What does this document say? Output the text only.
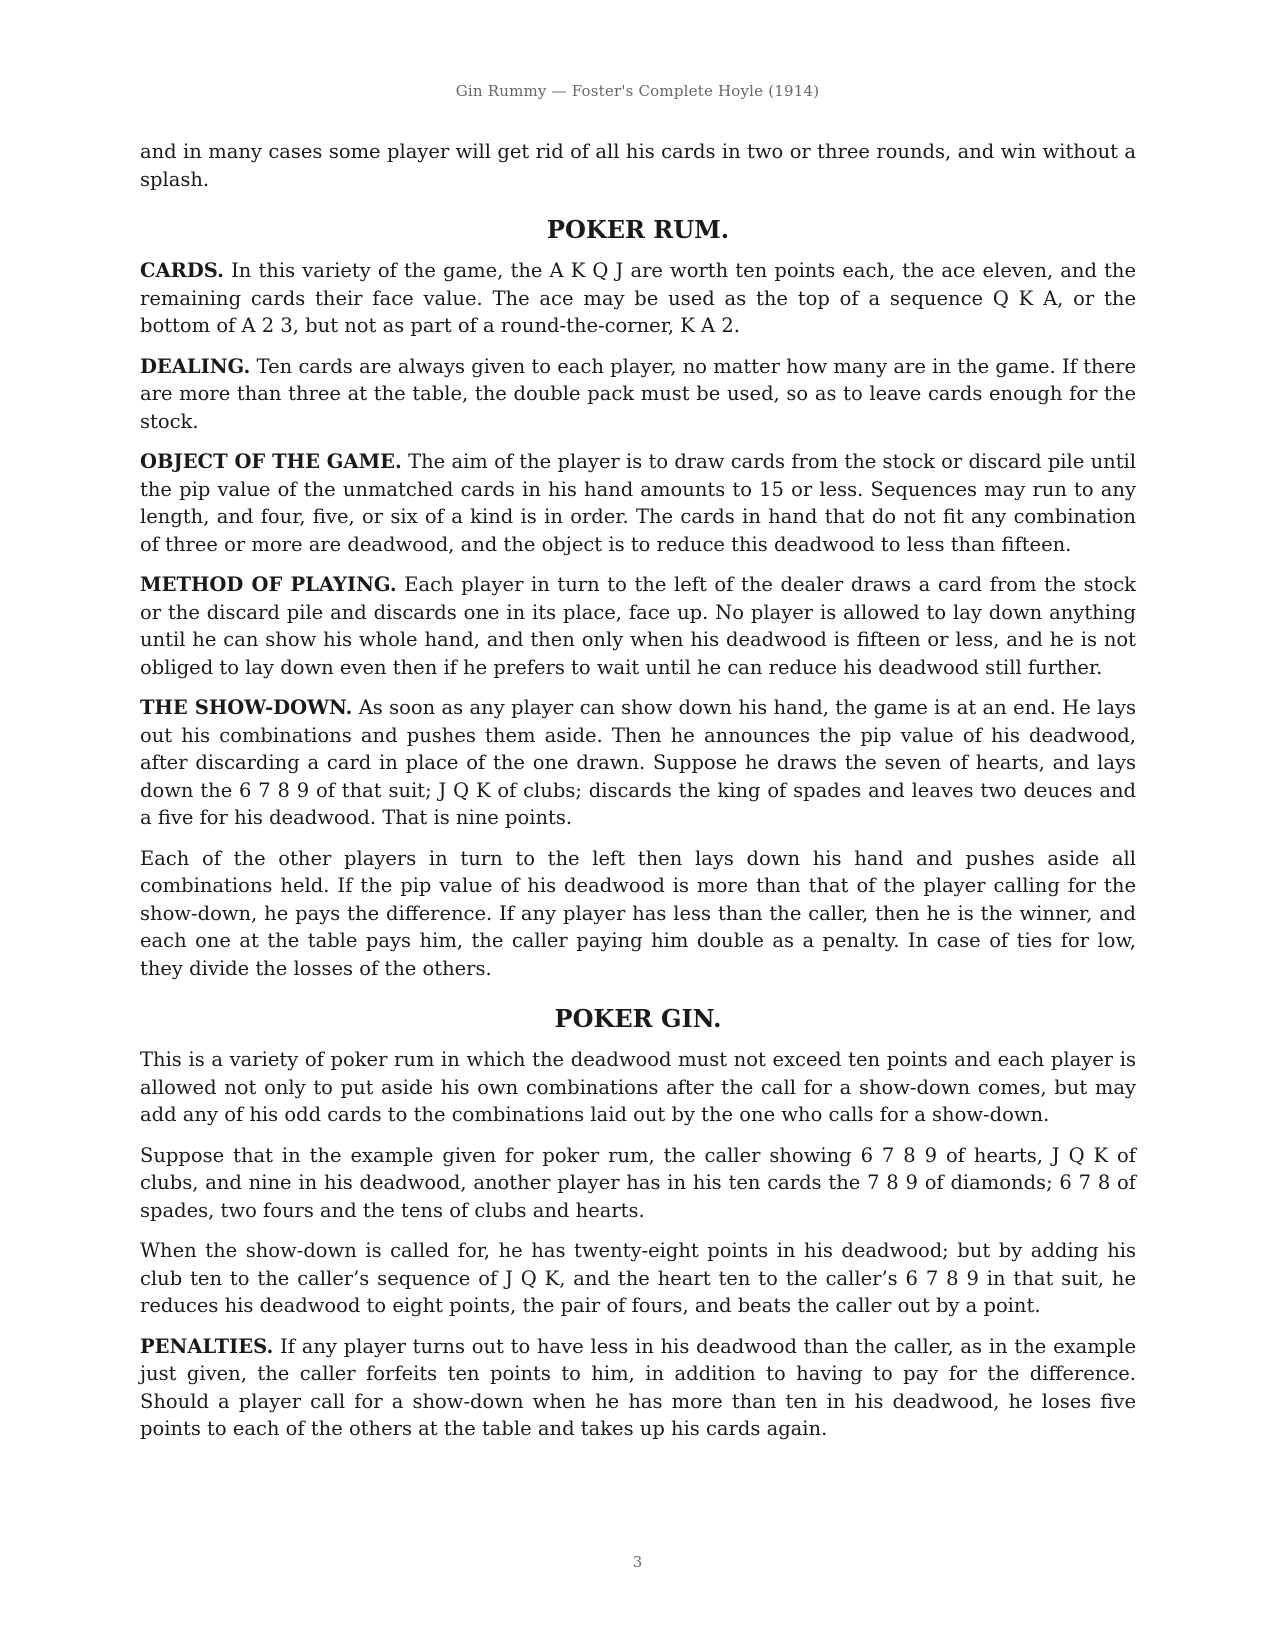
Gin Rummy — Foster's Complete Hoyle (1914)

and in many cases some player will get rid of all his cards in two or three rounds, and win without a splash.

POKER RUM.

CARDS. In this variety of the game, the A K Q J are worth ten points each, the ace eleven, and the remaining cards their face value. The ace may be used as the top of a sequence Q K A, or the bottom of A 2 3, but not as part of a round-the-corner, K A 2.

DEALING. Ten cards are always given to each player, no matter how many are in the game. If there are more than three at the table, the double pack must be used, so as to leave cards enough for the stock.

OBJECT OF THE GAME. The aim of the player is to draw cards from the stock or discard pile until the pip value of the unmatched cards in his hand amounts to 15 or less. Sequences may run to any length, and four, five, or six of a kind is in order. The cards in hand that do not fit any combination of three or more are deadwood, and the object is to reduce this deadwood to less than fifteen.

METHOD OF PLAYING. Each player in turn to the left of the dealer draws a card from the stock or the discard pile and discards one in its place, face up. No player is allowed to lay down anything until he can show his whole hand, and then only when his deadwood is fifteen or less, and he is not obliged to lay down even then if he prefers to wait until he can reduce his deadwood still further.

THE SHOW-DOWN. As soon as any player can show down his hand, the game is at an end. He lays out his combinations and pushes them aside. Then he announces the pip value of his deadwood, after discarding a card in place of the one drawn. Suppose he draws the seven of hearts, and lays down the 6 7 8 9 of that suit; J Q K of clubs; discards the king of spades and leaves two deuces and a five for his deadwood. That is nine points.

Each of the other players in turn to the left then lays down his hand and pushes aside all combinations held. If the pip value of his deadwood is more than that of the player calling for the show-down, he pays the difference. If any player has less than the caller, then he is the winner, and each one at the table pays him, the caller paying him double as a penalty. In case of ties for low, they divide the losses of the others.

POKER GIN.

This is a variety of poker rum in which the deadwood must not exceed ten points and each player is allowed not only to put aside his own combinations after the call for a show-down comes, but may add any of his odd cards to the combinations laid out by the one who calls for a show-down.

Suppose that in the example given for poker rum, the caller showing 6 7 8 9 of hearts, J Q K of clubs, and nine in his deadwood, another player has in his ten cards the 7 8 9 of diamonds; 6 7 8 of spades, two fours and the tens of clubs and hearts.

When the show-down is called for, he has twenty-eight points in his deadwood; but by adding his club ten to the caller’s sequence of J Q K, and the heart ten to the caller’s 6 7 8 9 in that suit, he reduces his deadwood to eight points, the pair of fours, and beats the caller out by a point.

PENALTIES. If any player turns out to have less in his deadwood than the caller, as in the example just given, the caller forfeits ten points to him, in addition to having to pay for the difference. Should a player call for a show-down when he has more than ten in his deadwood, he loses five points to each of the others at the table and takes up his cards again.

3
